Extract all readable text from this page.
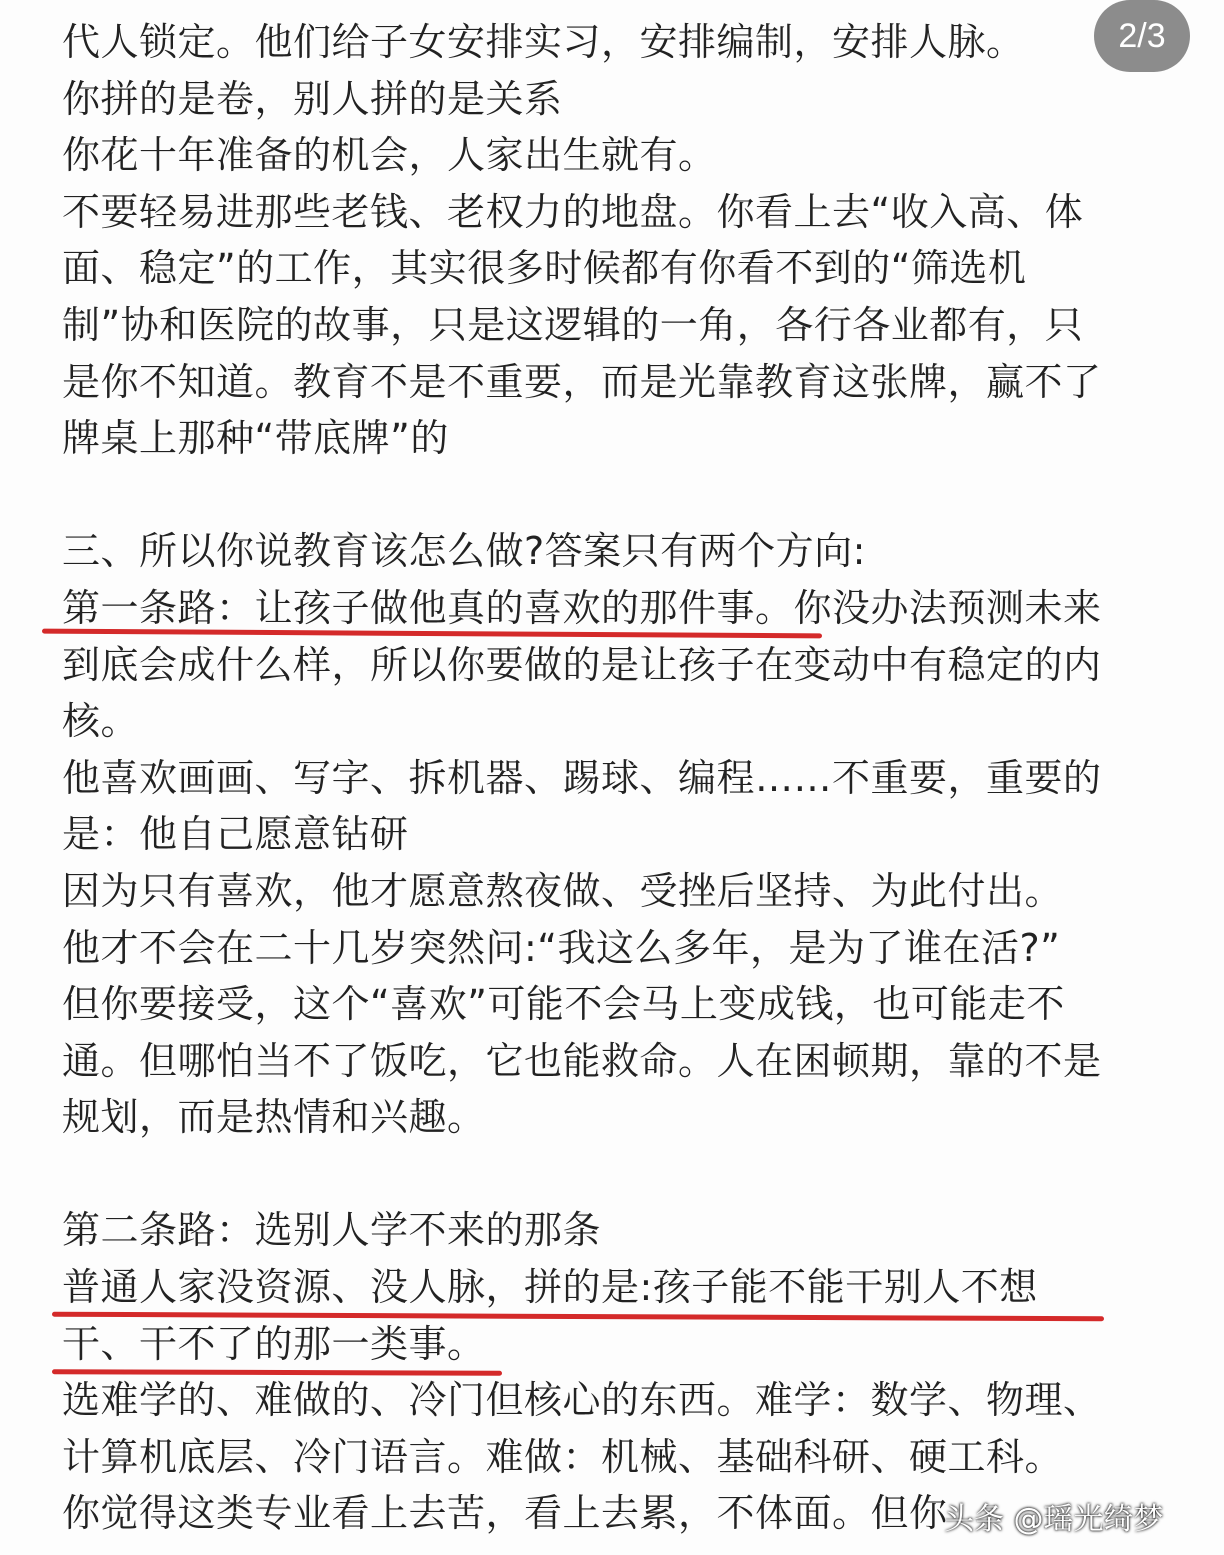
代人锁定。他们给子女安排实习，安排编制，安排人脉。
你拼的是卷，别人拼的是关系
你花十年准备的机会，人家出生就有。
不要轻易进那些老钱、老权力的地盘。你看上去“收入高、体
面、稳定”的工作，其实很多时候都有你看不到的“筛选机
制”协和医院的故事，只是这逻辑的一角，各行各业都有，只
是你不知道。教育不是不重要，而是光靠教育这张牌，赢不了
牌桌上那种“带底牌”的
三、所以你说教育该怎么做?答案只有两个方向:
第一条路：让孩子做他真的喜欢的那件事。你没办法预测未来
到底会成什么样，所以你要做的是让孩子在变动中有稳定的内
核。
他喜欢画画、写字、拆机器、踢球、编程……不重要，重要的
是：他自己愿意钻研
因为只有喜欢，他才愿意熬夜做、受挫后坚持、为此付出。
他才不会在二十几岁突然问:“我这么多年，是为了谁在活?”
但你要接受，这个“喜欢”可能不会马上变成钱，也可能走不
通。但哪怕当不了饭吃，它也能救命。人在困顿期，靠的不是
规划，而是热情和兴趣。
第二条路：选别人学不来的那条
普通人家没资源、没人脉，拼的是:孩子能不能干别人不想
干、干不了的那一类事。
选难学的、难做的、冷门但核心的东西。难学：数学、物理、
计算机底层、冷门语言。难做：机械、基础科研、硬工科。
你觉得这类专业看上去苦，看上去累，不体面。但你
2/3
头条 @瑶光绮梦
